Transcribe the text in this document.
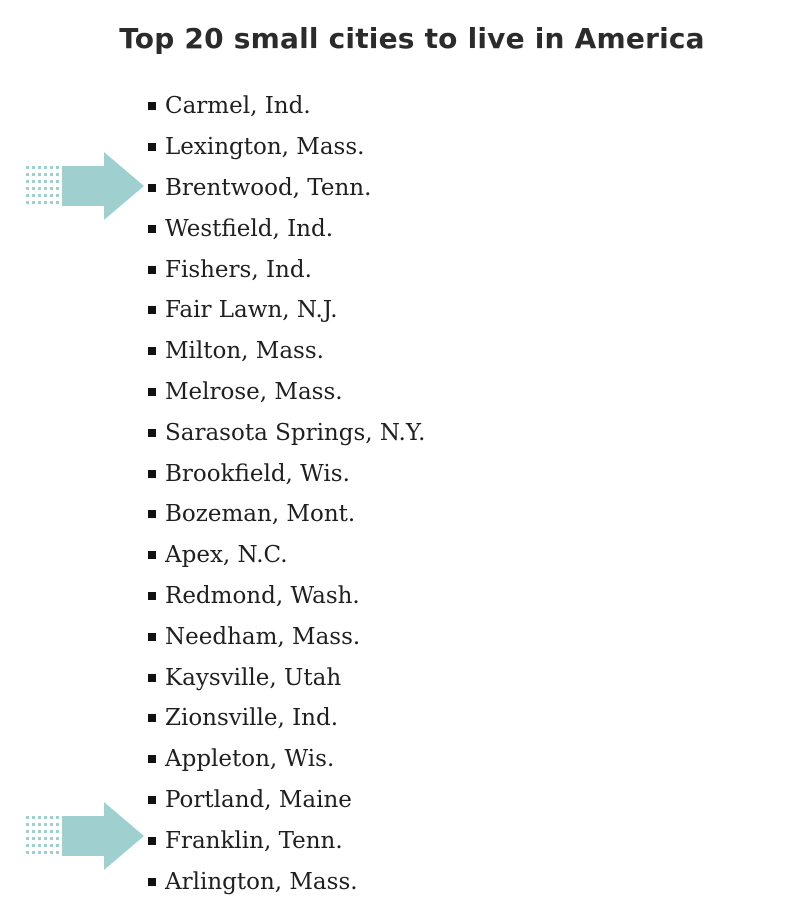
Top 20 small cities to live in America
Carmel, Ind.
Lexington, Mass.
Brentwood, Tenn.
Westfield, Ind.
Fishers, Ind.
Fair Lawn, N.J.
Milton, Mass.
Melrose, Mass.
Sarasota Springs, N.Y.
Brookfield, Wis.
Bozeman, Mont.
Apex, N.C.
Redmond, Wash.
Needham, Mass.
Kaysville, Utah
Zionsville, Ind.
Appleton, Wis.
Portland, Maine
Franklin, Tenn.
Arlington, Mass.
